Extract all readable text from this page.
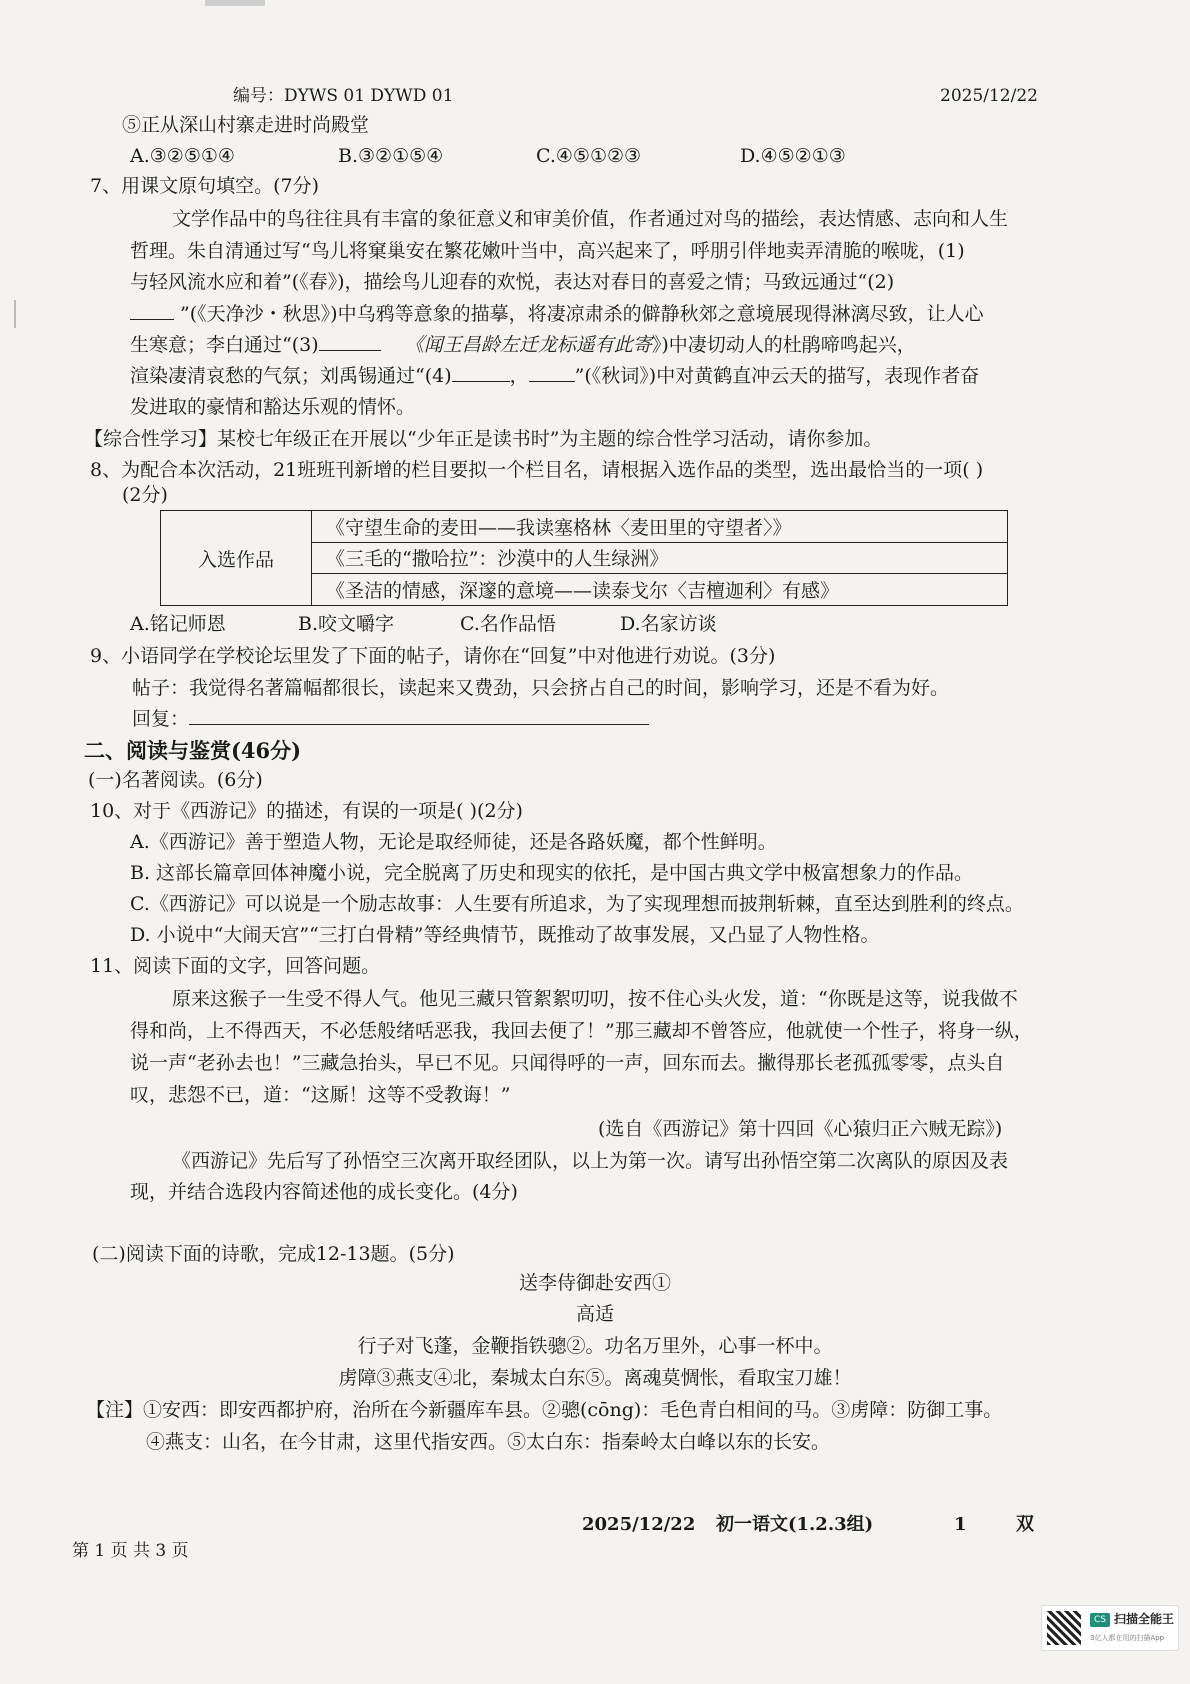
编号：DYWS 01 DYWD 01	2025/12/22
⑤正从深山村寨走进时尚殿堂
A.③②⑤①④	B.③②①⑤④	C.④⑤①②③	D.④⑤②①③
7、用课文原句填空。(7分)
文学作品中的鸟往往具有丰富的象征意义和审美价值，作者通过对鸟的描绘，表达情感、志向和人生
哲理。朱自清通过写“鸟儿将窠巢安在繁花嫩叶当中，高兴起来了，呼朋引伴地卖弄清脆的喉咙，(1)
与轻风流水应和着”(《春》)，描绘鸟儿迎春的欢悦，表达对春日的喜爱之情；马致远通过“(2)
”(《天净沙・秋思》)中乌鸦等意象的描摹，将凄凉肃杀的僻静秋郊之意境展现得淋漓尽致，让人心
生寒意；李白通过“(3)	《闻王昌龄左迁龙标遥有此寄》)中凄切动人的杜鹃啼鸣起兴，
渲染凄清哀愁的气氛；刘禹锡通过“(4)	， ”(《秋词》)中对黄鹤直冲云天的描写，表现作者奋
发进取的豪情和豁达乐观的情怀。
【综合性学习】某校七年级正在开展以“少年正是读书时”为主题的综合性学习活动，请你参加。
8、为配合本次活动，21班班刊新增的栏目要拟一个栏目名，请根据入选作品的类型，选出最恰当的一项( )
(2分)
入选作品	《守望生命的麦田——我读塞格林〈麦田里的守望者〉》
《三毛的“撒哈拉”：沙漠中的人生绿洲》
《圣洁的情感，深邃的意境——读泰戈尔〈吉檀迦利〉有感》
A.铭记师恩	B.咬文嚼字	C.名作品悟	D.名家访谈
9、小语同学在学校论坛里发了下面的帖子，请你在“回复”中对他进行劝说。(3分)
帖子：我觉得名著篇幅都很长，读起来又费劲，只会挤占自己的时间，影响学习，还是不看为好。
回复：
二、阅读与鉴赏(46分)
(一)名著阅读。(6分)
10、对于《西游记》的描述，有误的一项是( )(2分)
A.《西游记》善于塑造人物，无论是取经师徒，还是各路妖魔，都个性鲜明。
B. 这部长篇章回体神魔小说，完全脱离了历史和现实的依托，是中国古典文学中极富想象力的作品。
C.《西游记》可以说是一个励志故事：人生要有所追求，为了实现理想而披荆斩棘，直至达到胜利的终点。
D. 小说中“大闹天宫”“三打白骨精”等经典情节，既推动了故事发展，又凸显了人物性格。
11、阅读下面的文字，回答问题。
原来这猴子一生受不得人气。他见三藏只管絮絮叨叨，按不住心头火发，道：“你既是这等，说我做不
得和尚，上不得西天，不必恁般绪咶恶我，我回去便了！”那三藏却不曾答应，他就使一个性子，将身一纵，
说一声“老孙去也！”三藏急抬头，早已不见。只闻得呼的一声，回东而去。撇得那长老孤孤零零，点头自
叹，悲怨不已，道：“这厮！这等不受教诲！”
(选自《西游记》第十四回《心猿归正六贼无踪》)
《西游记》先后写了孙悟空三次离开取经团队，以上为第一次。请写出孙悟空第二次离队的原因及表
现，并结合选段内容简述他的成长变化。(4分)
(二)阅读下面的诗歌，完成12-13题。(5分)
送李侍御赴安西①
高适
行子对飞蓬，金鞭指铁骢②。功名万里外，心事一杯中。
虏障③燕支④北，秦城太白东⑤。离魂莫惆怅，看取宝刀雄！
【注】①安西：即安西都护府，治所在今新疆库车县。②骢(cōng)：毛色青白相间的马。③虏障：防御工事。
④燕支：山名，在今甘肃，这里代指安西。⑤太白东：指秦岭太白峰以东的长安。
第 1 页 共 3 页
2025/12/22 初一语文(1.2.3组)	1	双
CS 扫描全能王
3亿人都在用的扫描App
